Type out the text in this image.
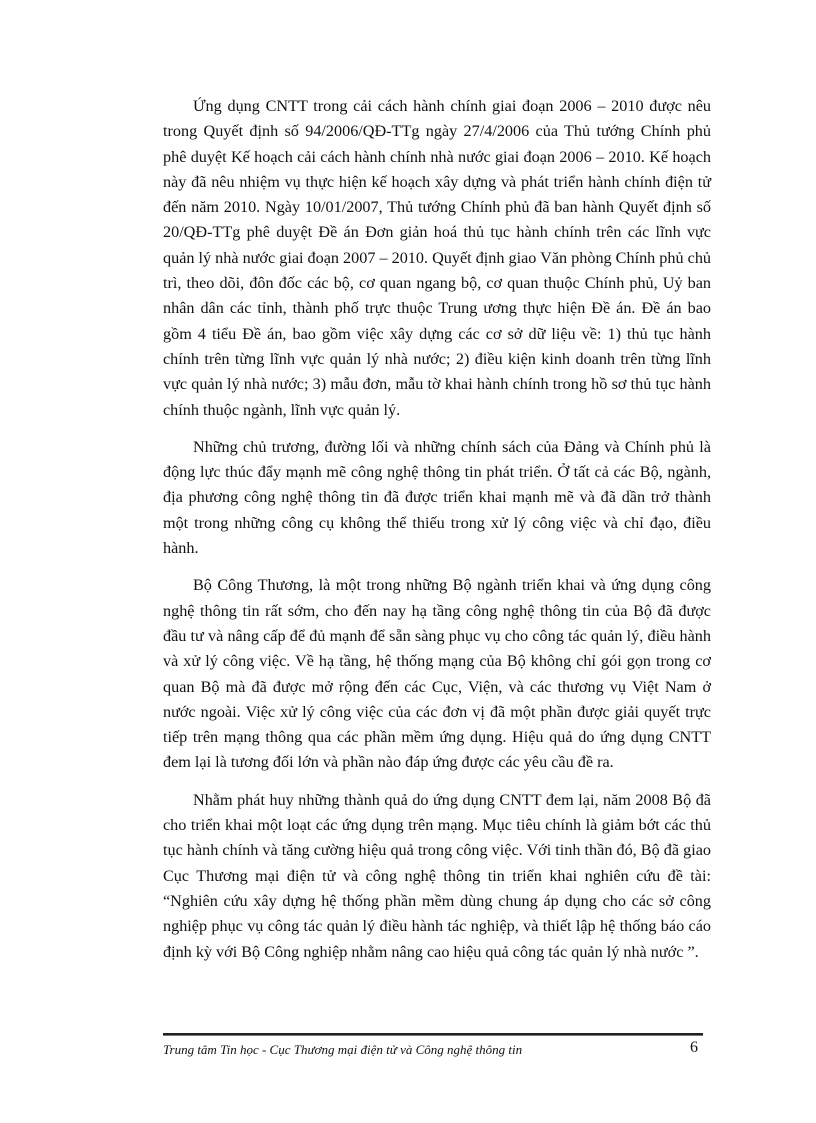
Ứng dụng CNTT trong cải cách hành chính giai đoạn 2006 – 2010 được nêu trong Quyết định số 94/2006/QĐ-TTg ngày 27/4/2006 của Thủ tướng Chính phủ phê duyệt Kế hoạch cải cách hành chính nhà nước giai đoạn 2006 – 2010. Kế hoạch này đã nêu nhiệm vụ thực hiện kế hoạch xây dựng và phát triển hành chính điện tử đến năm 2010. Ngày 10/01/2007, Thủ tướng Chính phủ đã ban hành Quyết định số 20/QĐ-TTg phê duyệt Đề án Đơn giản hoá thủ tục hành chính trên các lĩnh vực quản lý nhà nước giai đoạn 2007 – 2010. Quyết định giao Văn phòng Chính phủ chủ trì, theo dõi, đôn đốc các bộ, cơ quan ngang bộ, cơ quan thuộc Chính phủ, Uỷ ban nhân dân các tỉnh, thành phố trực thuộc Trung ương thực hiện Đề án. Đề án bao gồm 4 tiểu Đề án, bao gồm việc xây dựng các cơ sở dữ liệu về: 1) thủ tục hành chính trên từng lĩnh vực quản lý nhà nước; 2) điều kiện kinh doanh trên từng lĩnh vực quản lý nhà nước; 3) mẫu đơn, mẫu tờ khai hành chính trong hồ sơ thủ tục hành chính thuộc ngành, lĩnh vực quản lý.

Những chủ trương, đường lối và những chính sách của Đảng và Chính phủ là động lực thúc đẩy mạnh mẽ công nghệ thông tin phát triển. Ở tất cả các Bộ, ngành, địa phương công nghệ thông tin đã được triển khai mạnh mẽ và đã dần trở thành một trong những công cụ không thể thiếu trong xử lý công việc và chỉ đạo, điều hành.

Bộ Công Thương, là một trong những Bộ ngành triển khai và ứng dụng công nghệ thông tin rất sớm, cho đến nay hạ tầng công nghệ thông tin của Bộ đã được đầu tư và nâng cấp để đủ mạnh để sẵn sàng phục vụ cho công tác quản lý, điều hành và xử lý công việc. Về hạ tầng, hệ thống mạng của Bộ không chỉ gói gọn trong cơ quan Bộ mà đã được mở rộng đến các Cục, Viện, và các thương vụ Việt Nam ở nước ngoài. Việc xử lý công việc của các đơn vị đã một phần được giải quyết trực tiếp trên mạng thông qua các phần mềm ứng dụng. Hiệu quả do ứng dụng CNTT đem lại là tương đối lớn và phần nào đáp ứng được các yêu cầu đề ra.

Nhằm phát huy những thành quả do ứng dụng CNTT đem lại, năm 2008 Bộ đã cho triển khai một loạt các ứng dụng trên mạng. Mục tiêu chính là giảm bớt các thủ tục hành chính và tăng cường hiệu quả trong công việc. Với tinh thần đó, Bộ đã giao Cục Thương mại điện tử và công nghệ thông tin triển khai nghiên cứu đề tài: “Nghiên cứu xây dựng hệ thống phần mềm dùng chung áp dụng cho các sở công nghiệp phục vụ công tác quản lý điều hành tác nghiệp, và thiết lập hệ thống báo cáo định kỳ với Bộ Công nghiệp nhằm nâng cao hiệu quả công tác quản lý nhà nước ”.

Trung tâm Tin học - Cục Thương mại điện tử và Công nghệ thông tin	6
